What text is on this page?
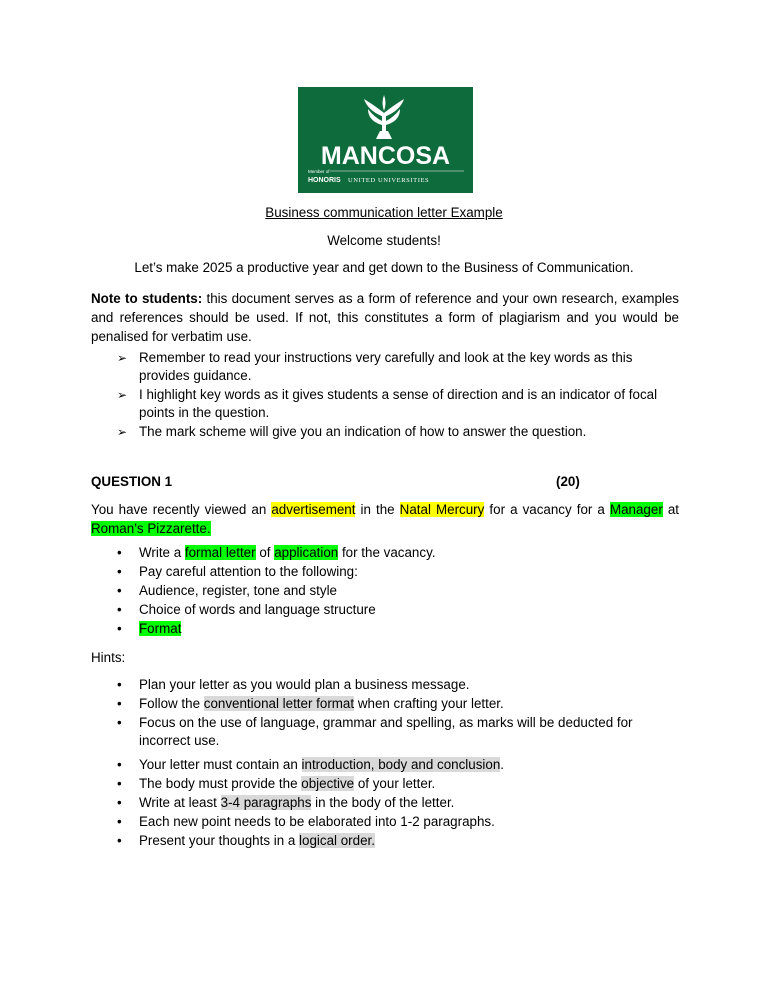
MANCOSA
Member of
HONORIS UNITED UNIVERSITIES
Business communication letter Example
Welcome students!
Let’s make 2025 a productive year and get down to the Business of Communication.
Note to students: this document serves as a form of reference and your own research, examples and references should be used. If not, this constitutes a form of plagiarism and you would be penalised for verbatim use.
➢ Remember to read your instructions very carefully and look at the key words as this provides guidance.
➢ I highlight key words as it gives students a sense of direction and is an indicator of focal points in the question.
➢ The mark scheme will give you an indication of how to answer the question.
QUESTION 1	(20)
You have recently viewed an advertisement in the Natal Mercury for a vacancy for a Manager at Roman’s Pizzarette.
• Write a formal letter of application for the vacancy.
• Pay careful attention to the following:
• Audience, register, tone and style
• Choice of words and language structure
• Format
Hints:
• Plan your letter as you would plan a business message.
• Follow the conventional letter format when crafting your letter.
• Focus on the use of language, grammar and spelling, as marks will be deducted for incorrect use.
• Your letter must contain an introduction, body and conclusion.
• The body must provide the objective of your letter.
• Write at least 3-4 paragraphs in the body of the letter.
• Each new point needs to be elaborated into 1-2 paragraphs.
• Present your thoughts in a logical order.
